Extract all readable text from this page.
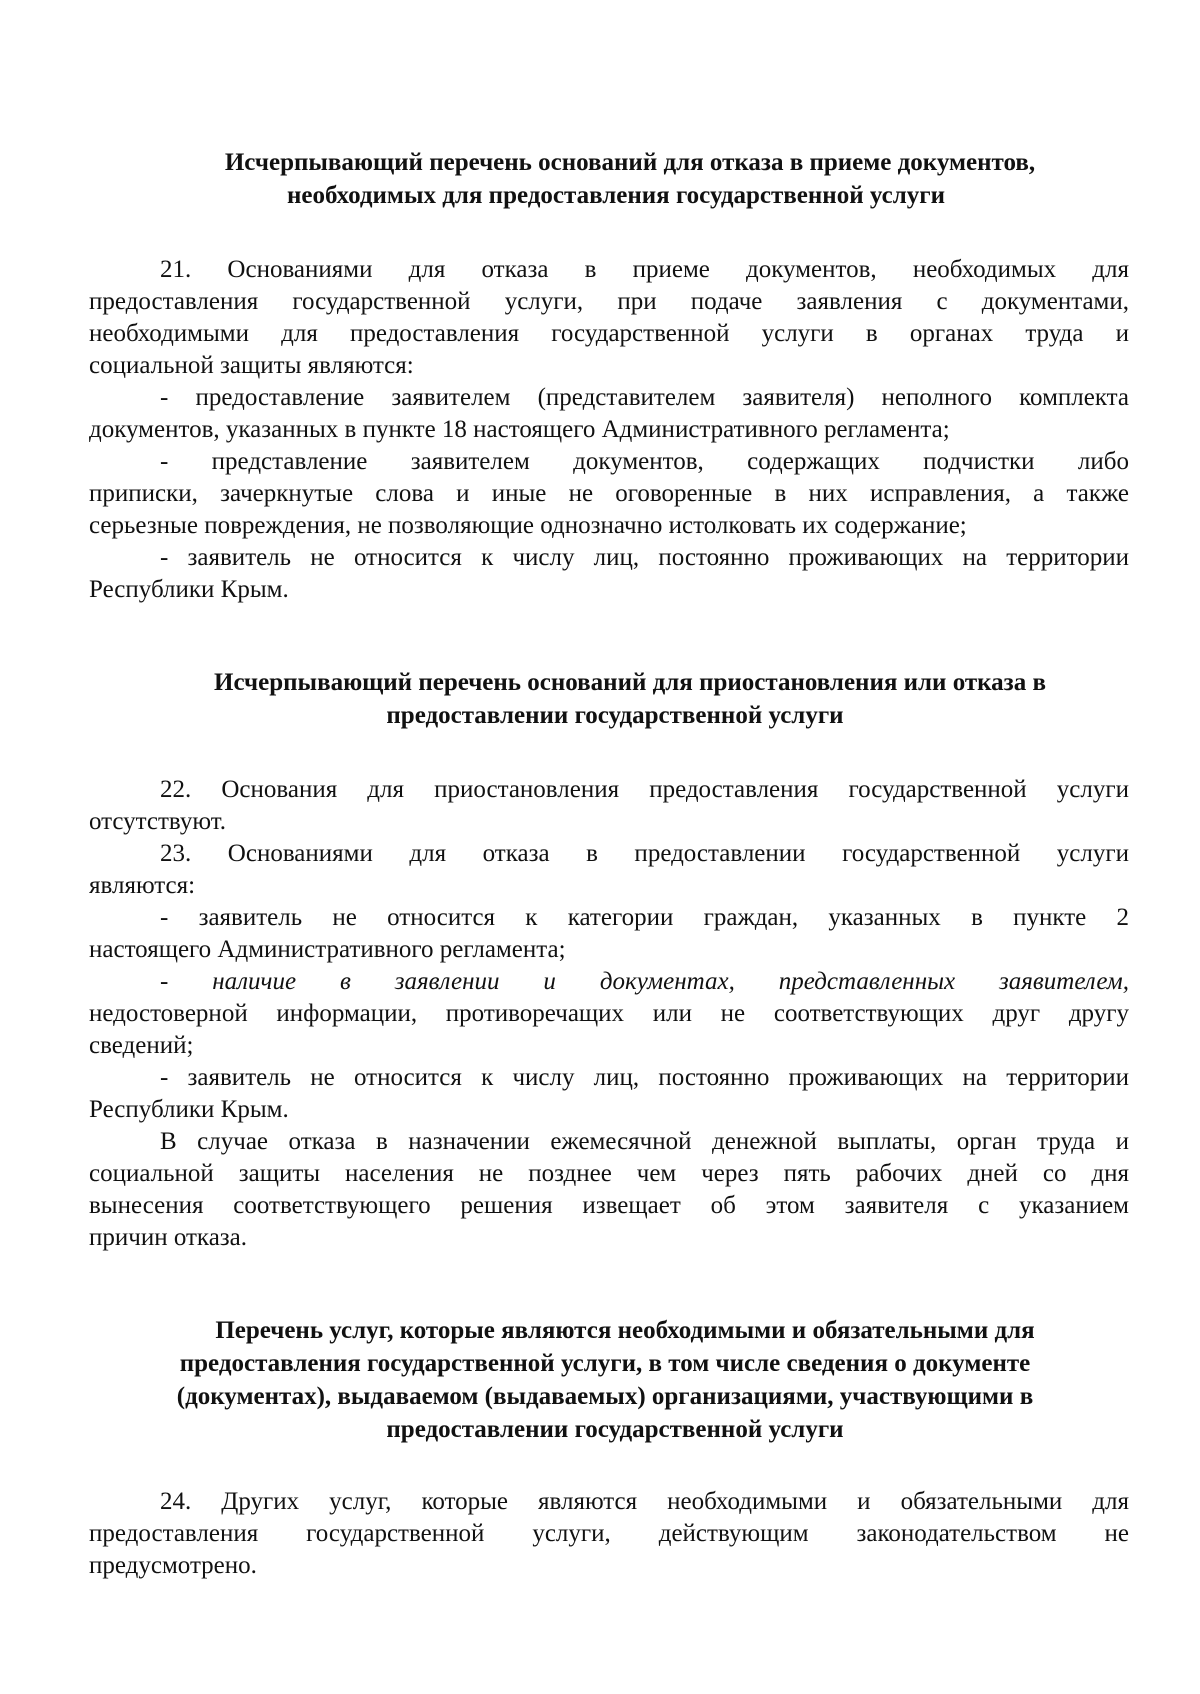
Исчерпывающий перечень оснований для отказа в приеме документов,
необходимых для предоставления государственной услуги
21. Основаниями для отказа в приеме документов, необходимых для
предоставления государственной услуги, при подаче заявления с документами,
необходимыми для предоставления государственной услуги в органах труда и
социальной защиты являются:
- предоставление заявителем (представителем заявителя) неполного комплекта
документов, указанных в пункте 18 настоящего Административного регламента;
- представление заявителем документов, содержащих подчистки либо
приписки, зачеркнутые слова и иные не оговоренные в них исправления, а также
серьезные повреждения, не позволяющие однозначно истолковать их содержание;
- заявитель не относится к числу лиц, постоянно проживающих на территории
Республики Крым.
Исчерпывающий перечень оснований для приостановления или отказа в
предоставлении государственной услуги
22. Основания для приостановления предоставления государственной услуги
отсутствуют.
23. Основаниями для отказа в предоставлении государственной услуги
являются:
- заявитель не относится к категории граждан, указанных в пункте 2
настоящего Административного регламента;
- наличие в заявлении и документах, представленных заявителем,
недостоверной информации, противоречащих или не соответствующих друг другу
сведений;
- заявитель не относится к числу лиц, постоянно проживающих на территории
Республики Крым.
В случае отказа в назначении ежемесячной денежной выплаты, орган труда и
социальной защиты населения не позднее чем через пять рабочих дней со дня
вынесения соответствующего решения извещает об этом заявителя с указанием
причин отказа.
Перечень услуг, которые являются необходимыми и обязательными для
предоставления государственной услуги, в том числе сведения о документе
(документах), выдаваемом (выдаваемых) организациями, участвующими в
предоставлении государственной услуги
24. Других услуг, которые являются необходимыми и обязательными для
предоставления государственной услуги, действующим законодательством не
предусмотрено.
